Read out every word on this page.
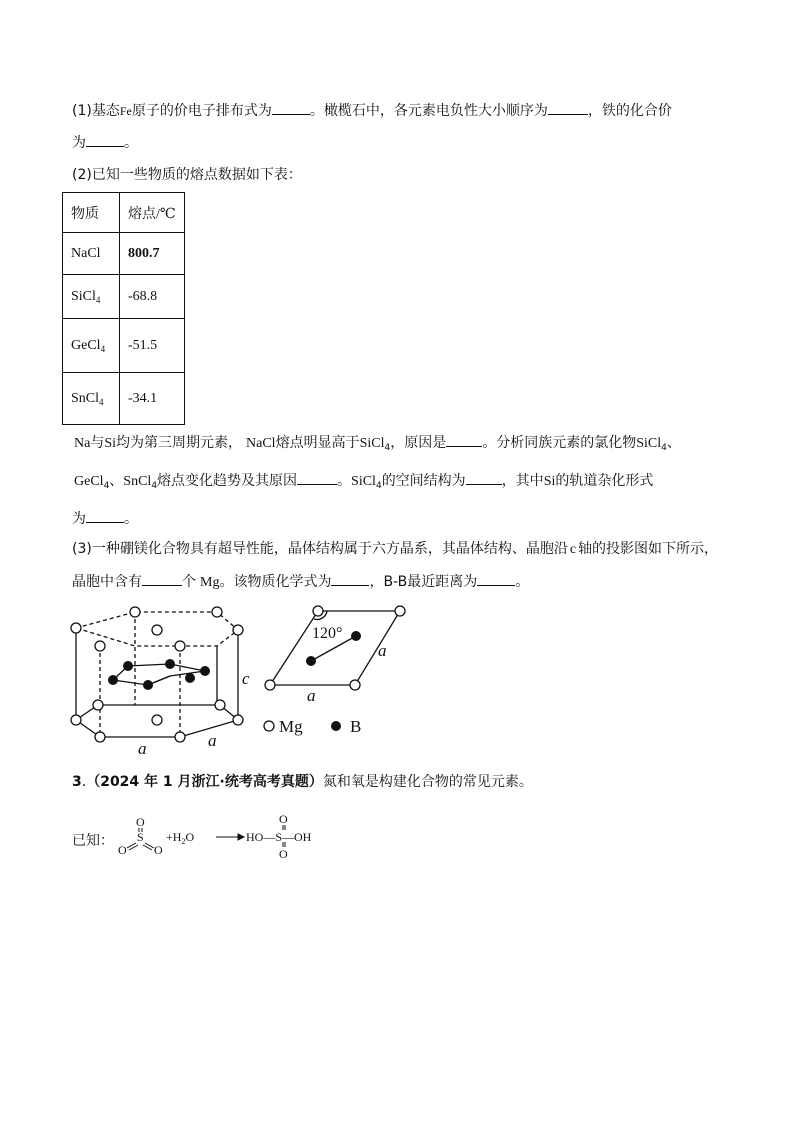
(1)基态Fe原子的价电子排布式为	。橄榄石中，各元素电负性大小顺序为	，铁的化合价
为	。
(2)已知一些物质的熔点数据如下表：
物质	熔点/℃
NaCl	800.7
SiCl$_4$	-68.8
GeCl$_4$	-51.5
SnCl$_4$	-34.1
Na与Si均为第三周期元素， NaCl熔点明显高于SiCl$_4$，原因是	。分析同族元素的氯化物SiCl$_4$、
GeCl$_4$、SnCl$_4$熔点变化趋势及其原因	。SiCl$_4$的空间结构为	，其中Si的轨道杂化形式
为	。
(3)一种硼镁化合物具有超导性能，晶体结构属于六方晶系，其晶体结构、晶胞沿 c 轴的投影图如下所示，
晶胞中含有	个 Mg。该物质化学式为	，B-B最近距离为	。
c
a	a
120°
a
a
Mg	B
3.（2024 年 1 月浙江·统考高考真题）氮和氧是构建化合物的常见元素。
已知：
O
S
O O
$+H_2O$
O
HO—S—OH
O
